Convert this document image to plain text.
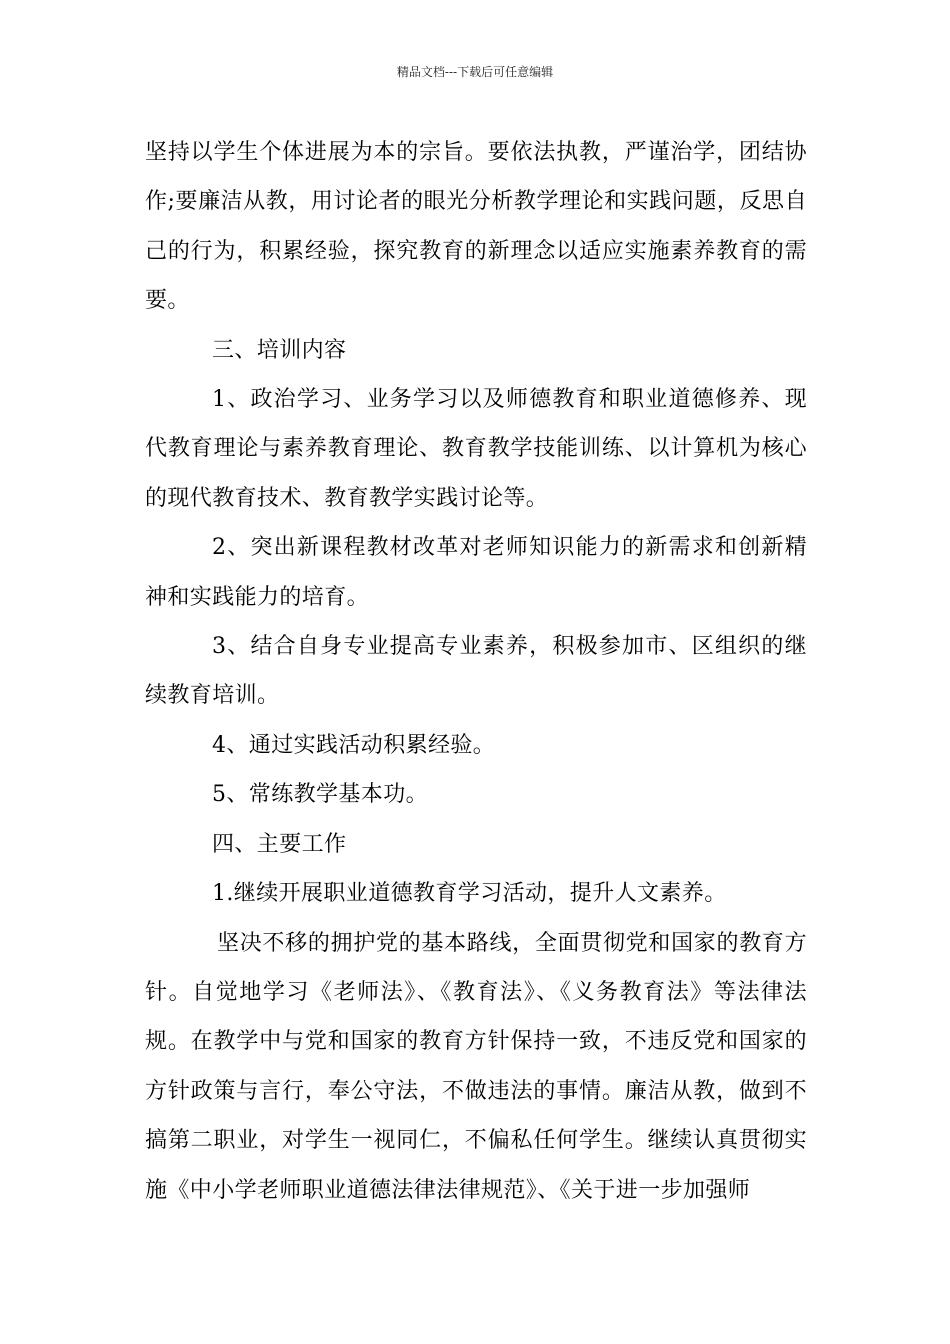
精品文档---下载后可任意编辑

坚持以学生个体进展为本的宗旨。要依法执教，严谨治学，团结协作;要廉洁从教，用讨论者的眼光分析教学理论和实践问题，反思自己的行为，积累经验，探究教育的新理念以适应实施素养教育的需要。

三、培训内容

1、政治学习、业务学习以及师德教育和职业道德修养、现代教育理论与素养教育理论、教育教学技能训练、以计算机为核心的现代教育技术、教育教学实践讨论等。

2、突出新课程教材改革对老师知识能力的新需求和创新精神和实践能力的培育。

3、结合自身专业提高专业素养，积极参加市、区组织的继续教育培训。

4、通过实践活动积累经验。

5、常练教学基本功。

四、主要工作

1.继续开展职业道德教育学习活动，提升人文素养。

坚决不移的拥护党的基本路线，全面贯彻党和国家的教育方针。自觉地学习《老师法》、《教育法》、《义务教育法》等法律法规。在教学中与党和国家的教育方针保持一致，不违反党和国家的方针政策与言行，奉公守法，不做违法的事情。廉洁从教，做到不搞第二职业，对学生一视同仁，不偏私任何学生。继续认真贯彻实施《中小学老师职业道德法律法律规范》、《关于进一步加强师
